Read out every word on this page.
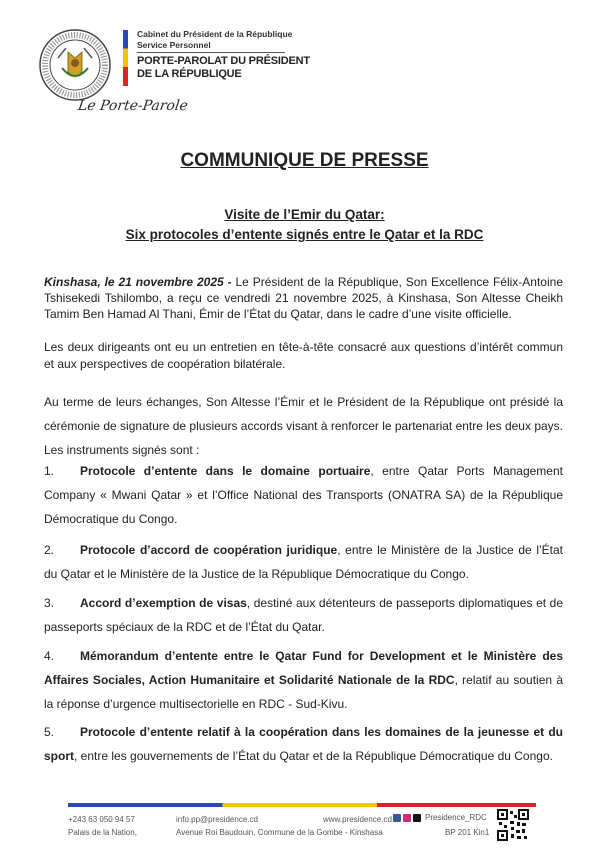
Cabinet du Président de la République
Service Personnel
PORTE-PAROLAT DU PRÉSIDENT
DE LA RÉPUBLIQUE
Le Porte-Parole
COMMUNIQUE DE PRESSE
Visite de l’Emir du Qatar:
Six protocoles d’entente signés entre le Qatar et la RDC
Kinshasa, le 21 novembre 2025 - Le Président de la République, Son Excellence Félix-Antoine Tshisekedi Tshilombo, a reçu ce vendredi 21 novembre 2025, à Kinshasa, Son Altesse Cheikh Tamim Ben Hamad Al Thani, Émir de l’État du Qatar, dans le cadre d’une visite officielle.
Les deux dirigeants ont eu un entretien en tête-à-tête consacré aux questions d’intérêt commun et aux perspectives de coopération bilatérale.
Au terme de leurs échanges, Son Altesse l’Émir et le Président de la République ont présidé la cérémonie de signature de plusieurs accords visant à renforcer le partenariat entre les deux pays. Les instruments signés sont :
1. Protocole d’entente dans le domaine portuaire, entre Qatar Ports Management Company « Mwani Qatar » et l’Office National des Transports (ONATRA SA) de la République Démocratique du Congo.
2. Protocole d’accord de coopération juridique, entre le Ministère de la Justice de l’État du Qatar et le Ministère de la Justice de la République Démocratique du Congo.
3. Accord d’exemption de visas, destiné aux détenteurs de passeports diplomatiques et de passeports spéciaux de la RDC et de l’État du Qatar.
4. Mémorandum d’entente entre le Qatar Fund for Development et le Ministère des Affaires Sociales, Action Humanitaire et Solidarité Nationale de la RDC, relatif au soutien à la réponse d’urgence multisectorielle en RDC - Sud-Kivu.
5. Protocole d’entente relatif à la coopération dans les domaines de la jeunesse et du sport, entre les gouvernements de l’État du Qatar et de la République Démocratique du Congo.
+243 63 050 94 57
Palais de la Nation,
info.pp@presidence.cd
Avenue Roi Baudouin, Commune de la Gombe - Kinshasa
www.presidence.cd	Presidence_RDC
BP 201 Kin1
